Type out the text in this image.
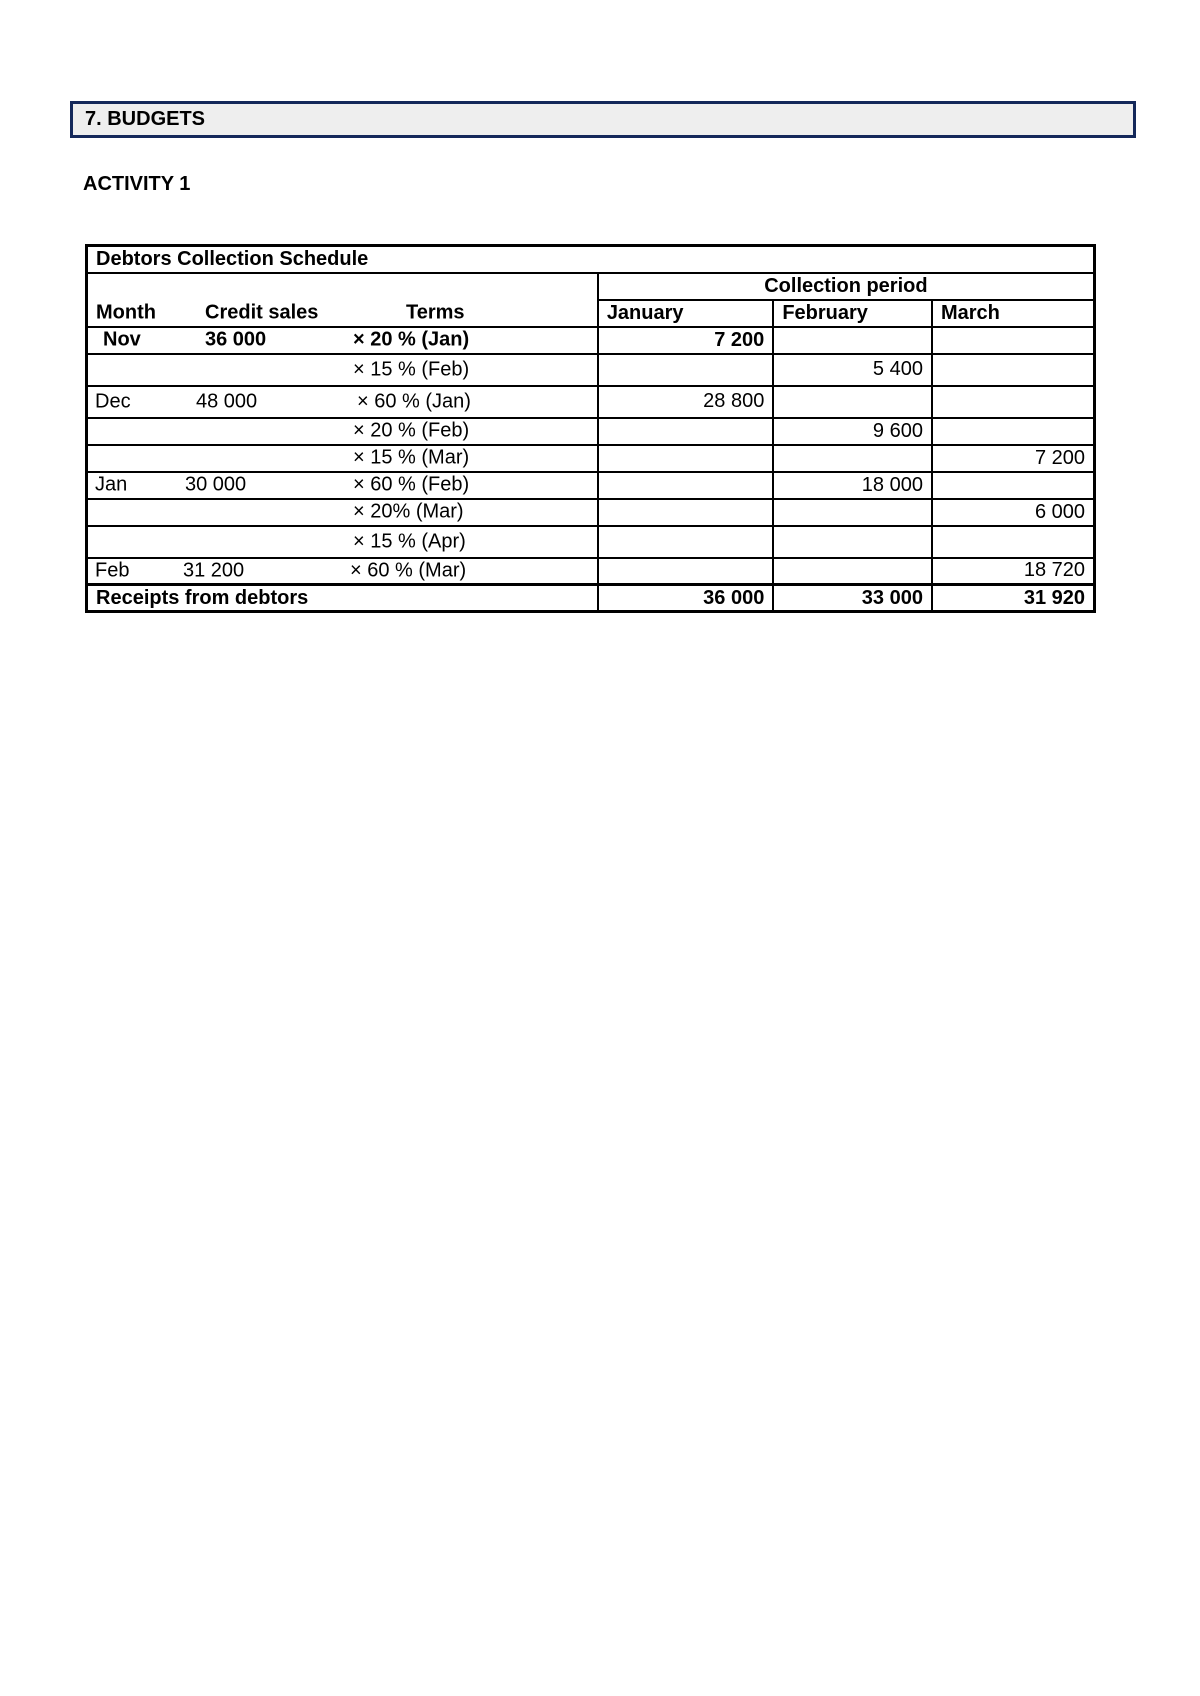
7. BUDGETS
ACTIVITY 1
Debtors Collection Schedule			
	Collection period		

Month Credit sales Terms	January	February	March

Nov 36 000 × 20 % (Jan)	7 200		

× 15 % (Feb)		5 400	

Dec 48 000 × 60 % (Jan)	28 800		

× 20 % (Feb)		9 600	

× 15 % (Mar)			7 200

Jan 30 000 × 60 % (Feb)		18 000	

× 20% (Mar)			6 000

× 15 % (Apr)			

Feb 31 200 × 60 % (Mar)			18 720
Receipts from debtors	36 000	33 000	31 920
